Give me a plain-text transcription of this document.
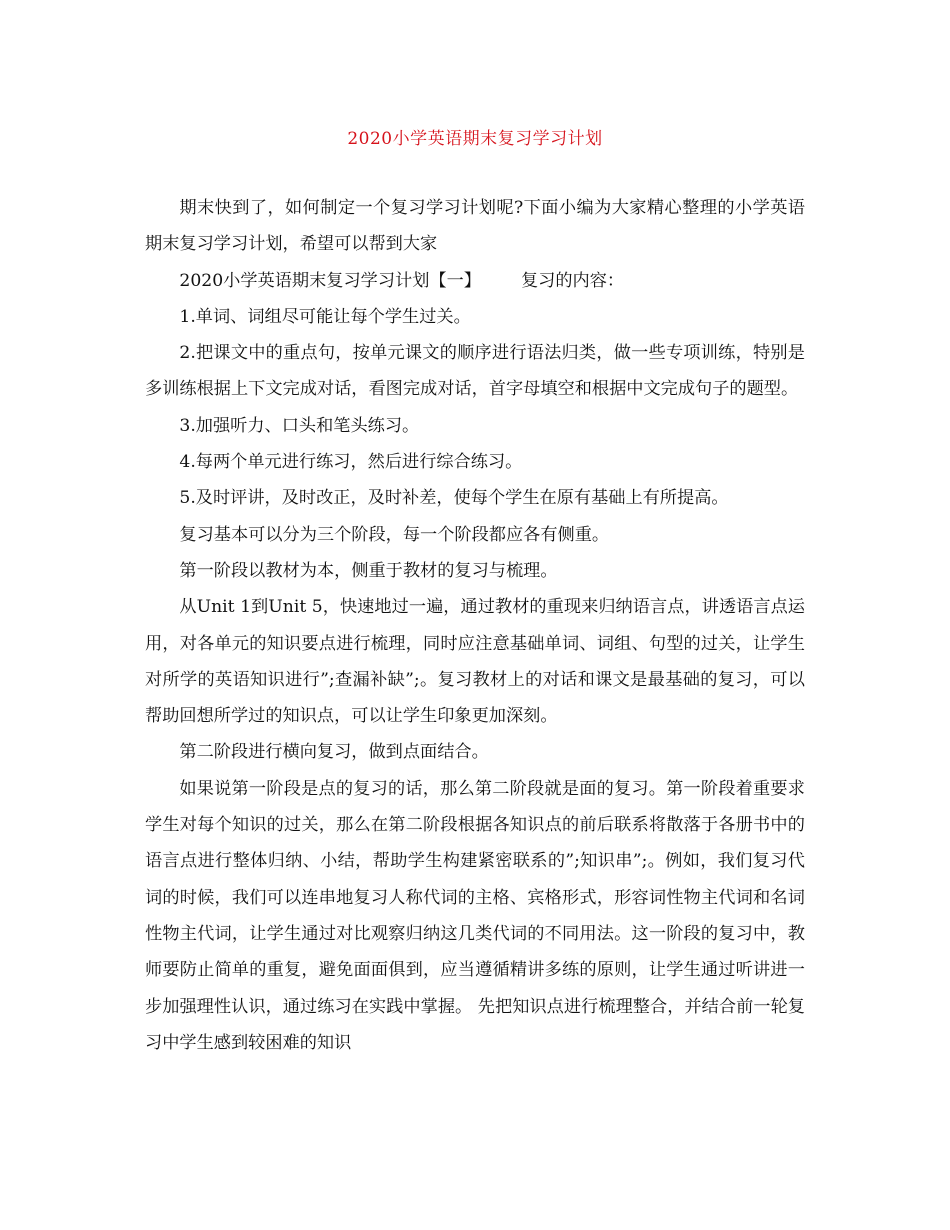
2020小学英语期末复习学习计划

期末快到了，如何制定一个复习学习计划呢?下面小编为大家精心整理的小学英语期末复习学习计划，希望可以帮到大家

2020小学英语期末复习学习计划【一】 复习的内容：

1.单词、词组尽可能让每个学生过关。

2.把课文中的重点句，按单元课文的顺序进行语法归类，做一些专项训练，特别是多训练根据上下文完成对话，看图完成对话，首字母填空和根据中文完成句子的题型。

3.加强听力、口头和笔头练习。

4.每两个单元进行练习，然后进行综合练习。

5.及时评讲，及时改正，及时补差，使每个学生在原有基础上有所提高。

复习基本可以分为三个阶段，每一个阶段都应各有侧重。

第一阶段以教材为本，侧重于教材的复习与梳理。

从Unit 1到Unit 5，快速地过一遍，通过教材的重现来归纳语言点，讲透语言点运用，对各单元的知识要点进行梳理，同时应注意基础单词、词组、句型的过关，让学生对所学的英语知识进行”;查漏补缺”;。复习教材上的对话和课文是最基础的复习，可以帮助回想所学过的知识点，可以让学生印象更加深刻。

第二阶段进行横向复习，做到点面结合。

如果说第一阶段是点的复习的话，那么第二阶段就是面的复习。第一阶段着重要求学生对每个知识的过关，那么在第二阶段根据各知识点的前后联系将散落于各册书中的语言点进行整体归纳、小结，帮助学生构建紧密联系的”;知识串”;。例如，我们复习代词的时候，我们可以连串地复习人称代词的主格、宾格形式，形容词性物主代词和名词性物主代词，让学生通过对比观察归纳这几类代词的不同用法。这一阶段的复习中，教师要防止简单的重复，避免面面俱到，应当遵循精讲多练的原则，让学生通过听讲进一步加强理性认识，通过练习在实践中掌握。 先把知识点进行梳理整合，并结合前一轮复习中学生感到较困难的知识
